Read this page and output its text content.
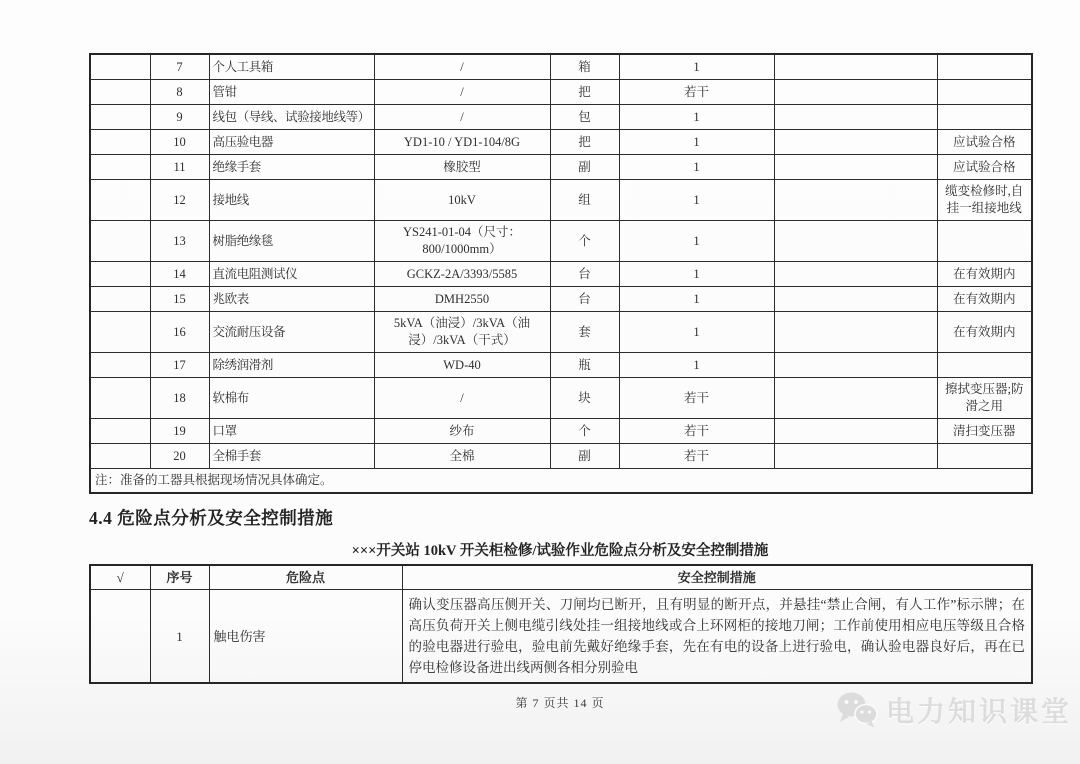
	7	个人工具箱	/	箱	1		
	8	管钳	/	把	若干		
	9	线包（导线、试验接地线等）	/	包	1		
	10	高压验电器	YD1-10 / YD1-104/8G	把	1		应试验合格
	11	绝缘手套	橡胶型	副	1		应试验合格
	12	接地线	10kV	组	1		缆变检修时,自挂一组接地线
	13	树脂绝缘毯	YS241-01-04（尺寸：800/1000mm）	个	1		
	14	直流电阻测试仪	GCKZ-2A/3393/5585	台	1		在有效期内
	15	兆欧表	DMH2550	台	1		在有效期内
	16	交流耐压设备	5kVA（油浸）/3kVA（油浸）/3kVA（干式）	套	1		在有效期内
	17	除绣润滑剂	WD-40	瓶	1		
	18	软棉布	/	块	若干		擦拭变压器;防滑之用
	19	口罩	纱布	个	若干		清扫变压器
	20	全棉手套	全棉	副	若干		
注：准备的工器具根据现场情况具体确定。							
4.4 危险点分析及安全控制措施
×××开关站 10kV 开关柜检修/试验作业危险点分析及安全控制措施
√	序号	危险点	安全控制措施
	1	触电伤害	确认变压器高压侧开关、刀闸均已断开，且有明显的断开点，并悬挂“禁止合闸，有人工作”标示牌；在高压负荷开关上侧电缆引线处挂一组接地线或合上环网柜的接地刀闸；工作前使用相应电压等级且合格的验电器进行验电，验电前先戴好绝缘手套，先在有电的设备上进行验电，确认验电器良好后，再在已停电检修设备进出线两侧各相分别验电
第 7 页共 14 页	电力知识课堂
